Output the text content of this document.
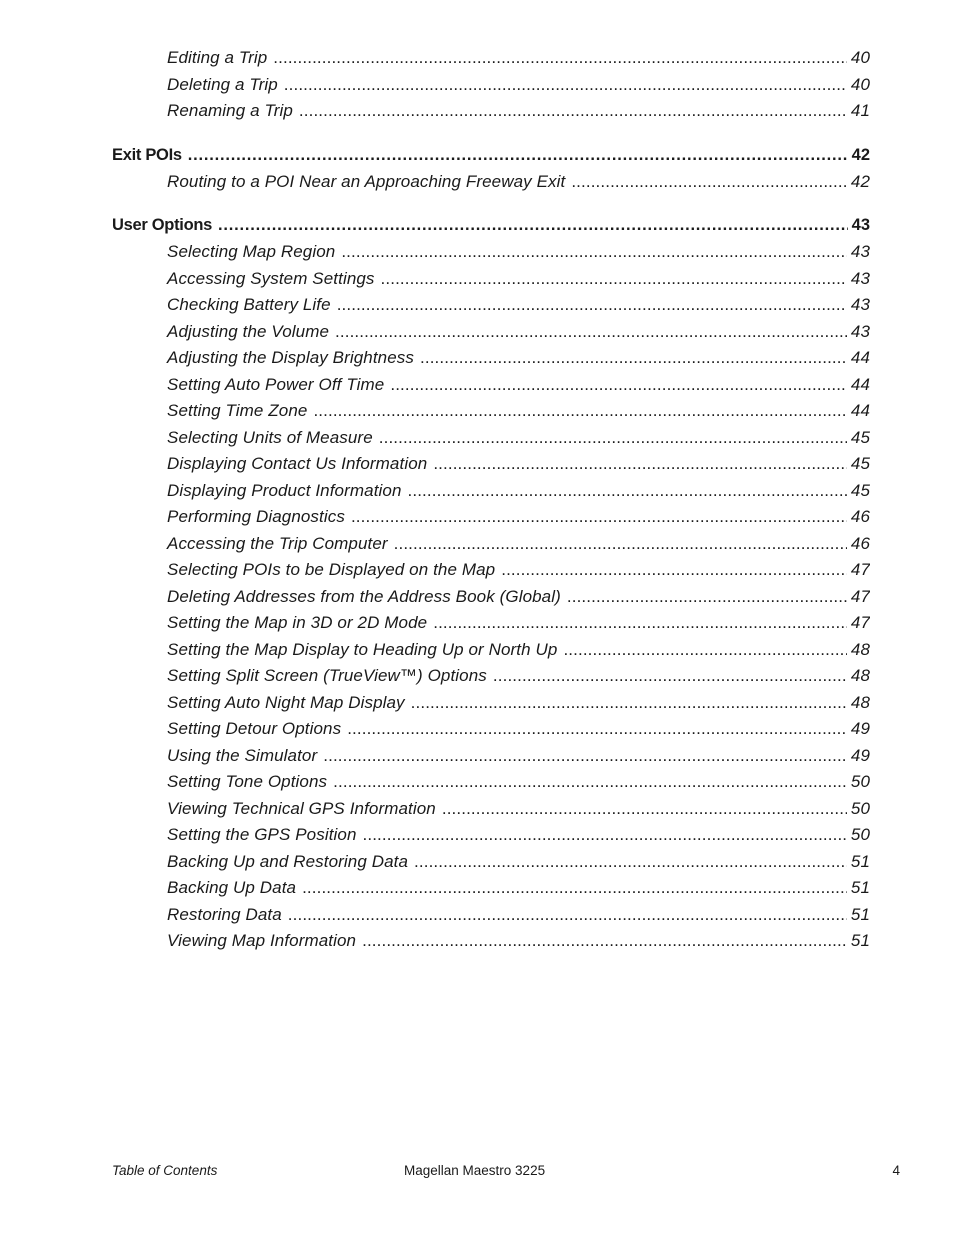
Editing a Trip . . .	40
Deleting a Trip . . .	40
Renaming a Trip . . .	41
Exit POIs . . .	42
Routing to a POI Near an Approaching Freeway Exit . . .	42
User Options . . .	43
Selecting Map Region . . .	43
Accessing System Settings . . .	43
Checking Battery Life . . .	43
Adjusting the Volume . . .	43
Adjusting the Display Brightness . . .	44
Setting Auto Power Off Time . . .	44
Setting Time Zone . . .	44
Selecting Units of Measure . . .	45
Displaying Contact Us Information . . .	45
Displaying Product Information . . .	45
Performing Diagnostics . . .	46
Accessing the Trip Computer . . .	46
Selecting POIs to be Displayed on the Map . . .	47
Deleting Addresses from the Address Book (Global) . . .	47
Setting the Map in 3D or 2D Mode . . .	47
Setting the Map Display to Heading Up or North Up . . .	48
Setting Split Screen (TrueView™) Options . . .	48
Setting Auto Night Map Display . . .	48
Setting Detour Options . . .	49
Using the Simulator . . .	49
Setting Tone Options . . .	50
Viewing Technical GPS Information . . .	50
Setting the GPS Position . . .	50
Backing Up and Restoring Data . . .	51
Backing Up Data . . .	51
Restoring Data . . .	51
Viewing Map Information . . .	51
Table of Contents	Magellan Maestro 3225	4
